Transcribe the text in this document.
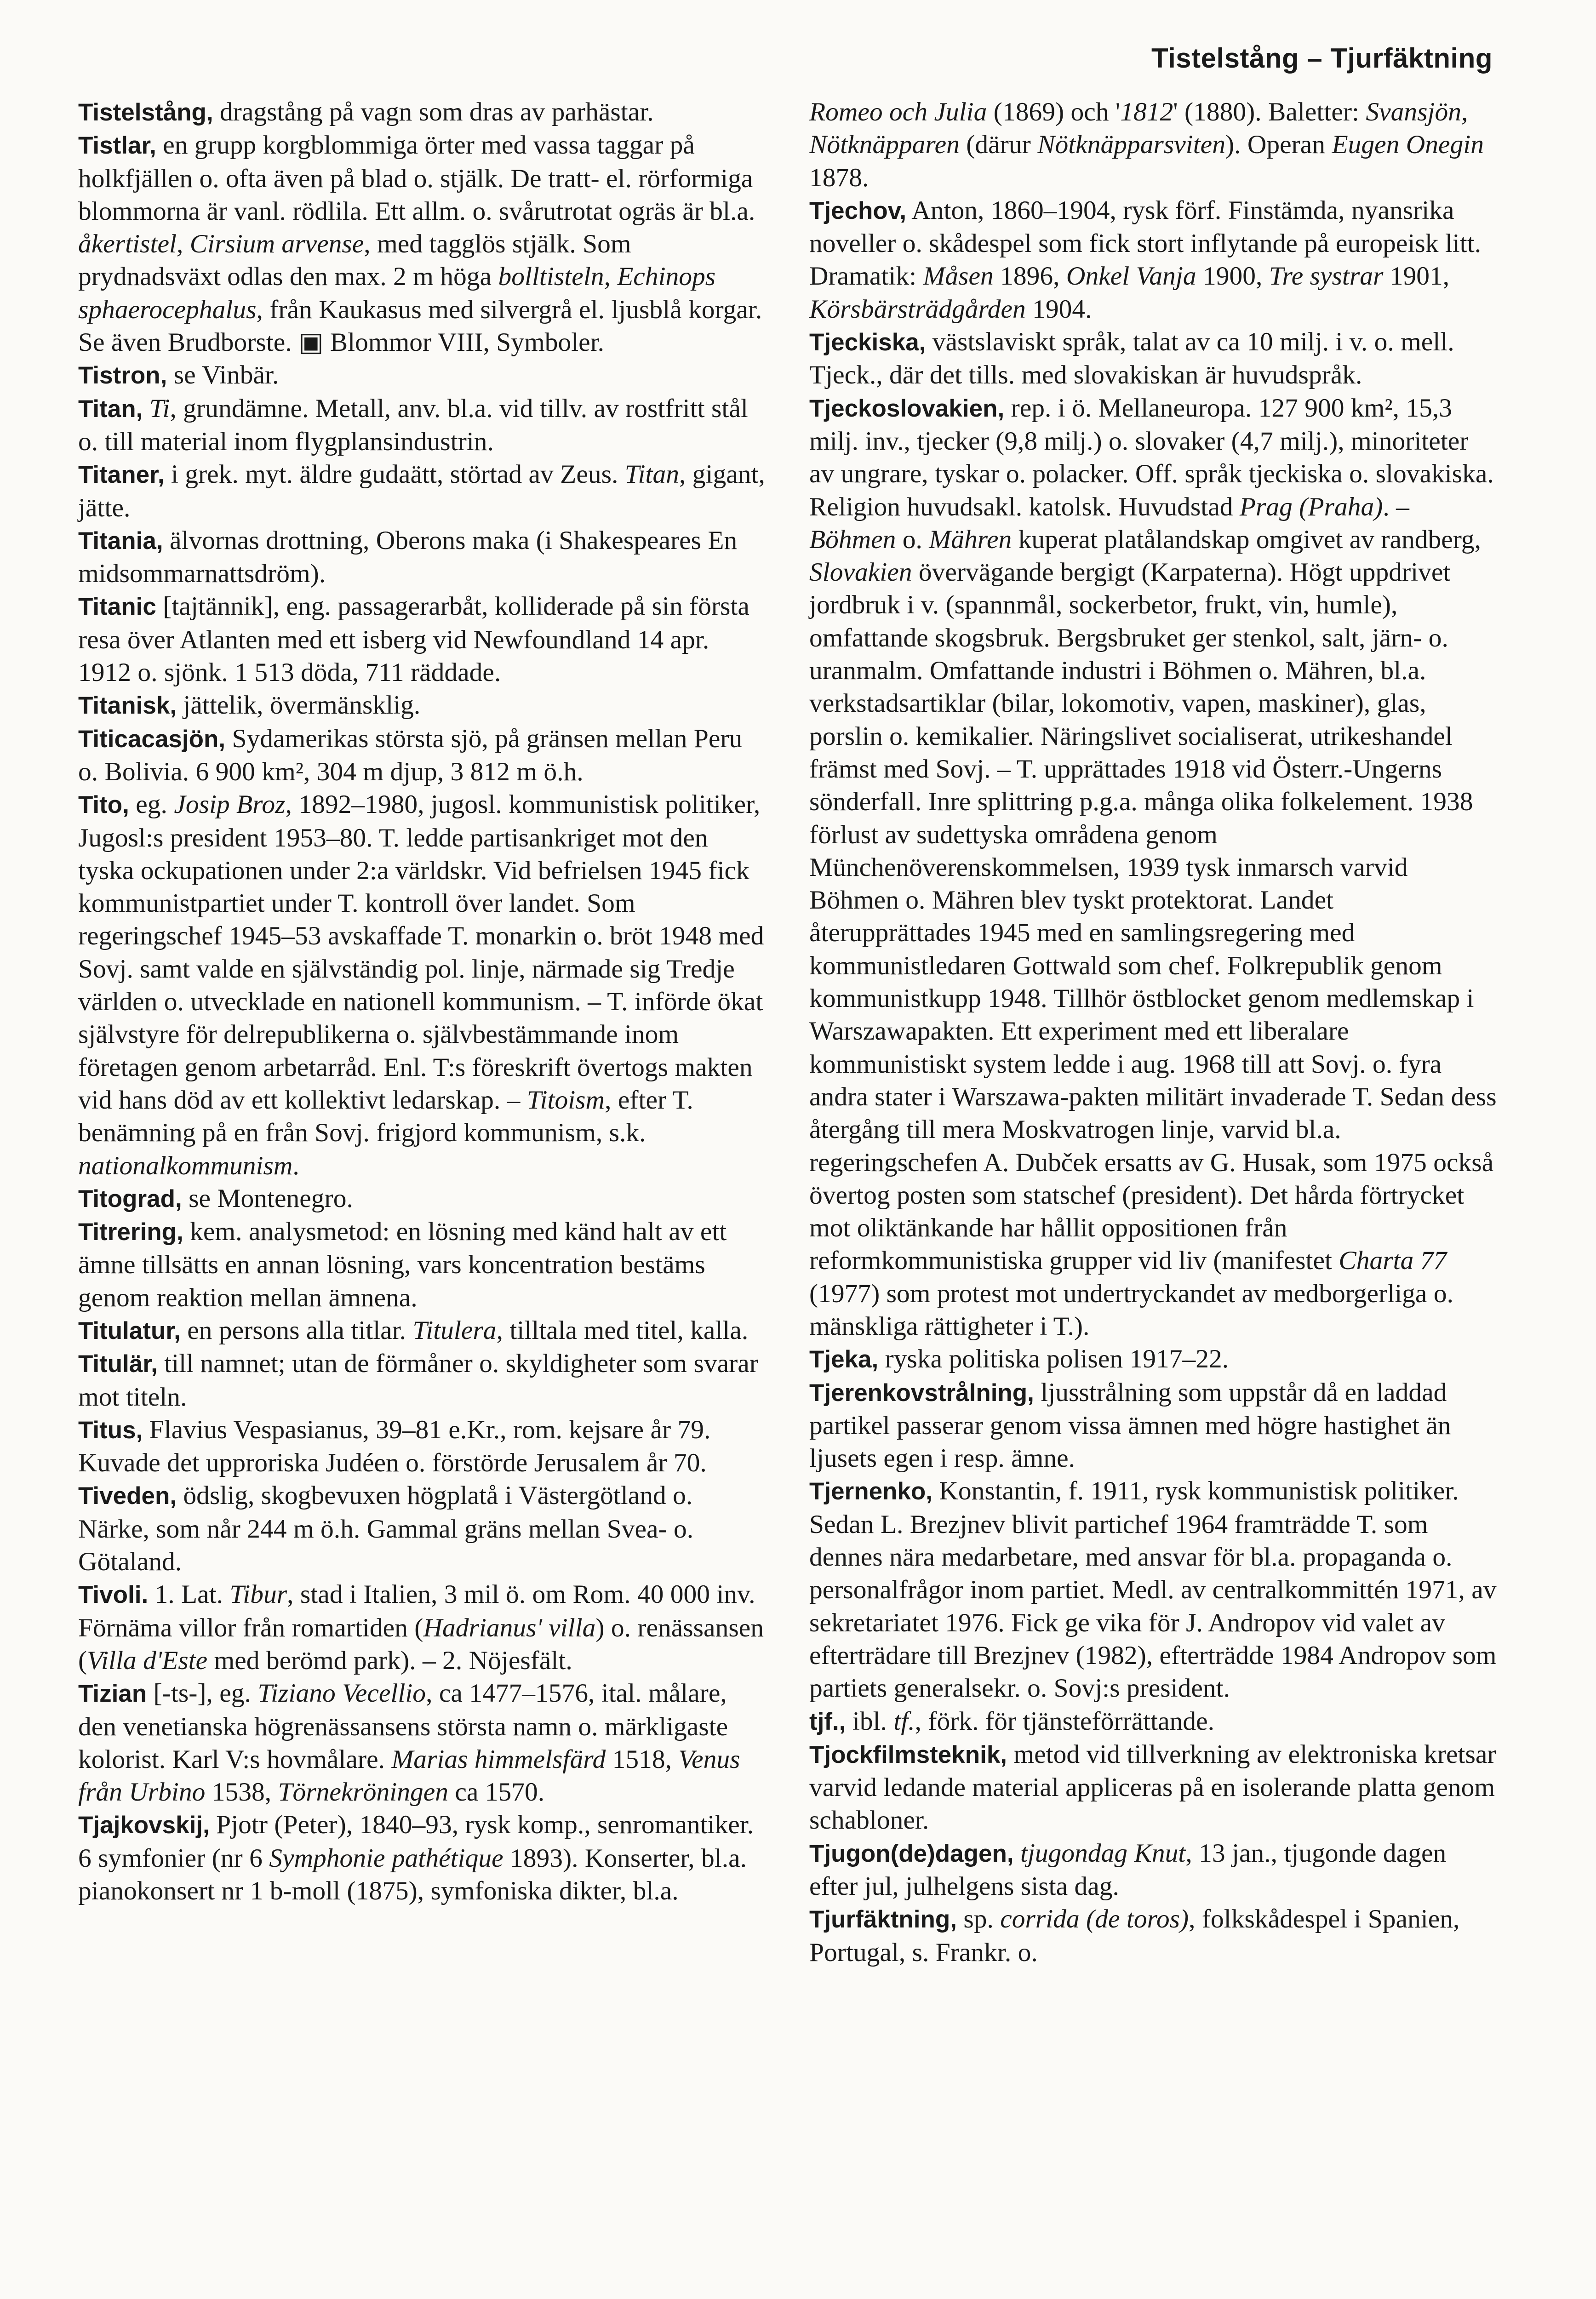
Tistelstång – Tjurfäktning

Tistelstång, dragstång på vagn som dras av parhästar.

Tistlar, en grupp korgblommiga örter med vassa taggar på holkfjällen o. ofta även på blad o. stjälk. De tratt- el. rörformiga blommorna är vanl. rödlila. Ett allm. o. svårutrotat ogräs är bl.a. åkertistel, Cirsium arvense, med tagglös stjälk. Som prydnadsväxt odlas den max. 2 m höga bolltisteln, Echinops sphaerocephalus, från Kaukasus med silvergrå el. ljusblå korgar. Se även Brudborste. ▣ Blommor VIII, Symboler.

Tistron, se Vinbär.

Titan, Ti, grundämne. Metall, anv. bl.a. vid tillv. av rostfritt stål o. till material inom flygplansindustrin.

Titaner, i grek. myt. äldre gudaätt, störtad av Zeus. Titan, gigant, jätte.

Titania, älvornas drottning, Oberons maka (i Shakespeares En midsommarnattsdröm).

Titanic [tajtännik], eng. passagerarbåt, kolliderade på sin första resa över Atlanten med ett isberg vid Newfoundland 14 apr. 1912 o. sjönk. 1 513 döda, 711 räddade.

Titanisk, jättelik, övermänsklig.

Titicacasjön, Sydamerikas största sjö, på gränsen mellan Peru o. Bolivia. 6 900 km², 304 m djup, 3 812 m ö.h.

Tito, eg. Josip Broz, 1892–1980, jugosl. kommunistisk politiker, Jugosl:s president 1953–80. T. ledde partisankriget mot den tyska ockupationen under 2:a världskr. Vid befrielsen 1945 fick kommunistpartiet under T. kontroll över landet. Som regeringschef 1945–53 avskaffade T. monarkin o. bröt 1948 med Sovj. samt valde en självständig pol. linje, närmade sig Tredje världen o. utvecklade en nationell kommunism. – T. införde ökat självstyre för delrepublikerna o. självbestämmande inom företagen genom arbetarråd. Enl. T:s föreskrift övertogs makten vid hans död av ett kollektivt ledarskap. – Titoism, efter T. benämning på en från Sovj. frigjord kommunism, s.k. nationalkommunism.

Titograd, se Montenegro.

Titrering, kem. analysmetod: en lösning med känd halt av ett ämne tillsätts en annan lösning, vars koncentration bestäms genom reaktion mellan ämnena.

Titulatur, en persons alla titlar. Titulera, tilltala med titel, kalla.

Titulär, till namnet; utan de förmåner o. skyldigheter som svarar mot titeln.

Titus, Flavius Vespasianus, 39–81 e.Kr., rom. kejsare år 79. Kuvade det upproriska Judéen o. förstörde Jerusalem år 70.

Tiveden, ödslig, skogbevuxen högplatå i Västergötland o. Närke, som når 244 m ö.h. Gammal gräns mellan Svea- o. Götaland.

Tivoli. 1. Lat. Tibur, stad i Italien, 3 mil ö. om Rom. 40 000 inv. Förnäma villor från romartiden (Hadrianus' villa) o. renässansen (Villa d'Este med berömd park). – 2. Nöjesfält.

Tizian [-ts-], eg. Tiziano Vecellio, ca 1477–1576, ital. målare, den venetianska högrenässansens största namn o. märkligaste kolorist. Karl V:s hovmålare. Marias himmelsfärd 1518, Venus från Urbino 1538, Törnekröningen ca 1570.

Tjajkovskij, Pjotr (Peter), 1840–93, rysk komp., senromantiker. 6 symfonier (nr 6 Symphonie pathétique 1893). Konserter, bl.a. pianokonsert nr 1 b-moll (1875), symfoniska dikter, bl.a.

Romeo och Julia (1869) och '1812' (1880). Baletter: Svansjön, Nötknäpparen (därur Nötknäpparsviten). Operan Eugen Onegin 1878.

Tjechov, Anton, 1860–1904, rysk förf. Finstämda, nyansrika noveller o. skådespel som fick stort inflytande på europeisk litt. Dramatik: Måsen 1896, Onkel Vanja 1900, Tre systrar 1901, Körsbärsträdgården 1904.

Tjeckiska, västslaviskt språk, talat av ca 10 milj. i v. o. mell. Tjeck., där det tills. med slovakiskan är huvudspråk.

Tjeckoslovakien, rep. i ö. Mellaneuropa. 127 900 km², 15,3 milj. inv., tjecker (9,8 milj.) o. slovaker (4,7 milj.), minoriteter av ungrare, tyskar o. polacker. Off. språk tjeckiska o. slovakiska. Religion huvudsakl. katolsk. Huvudstad Prag (Praha). – Böhmen o. Mähren kuperat platålandskap omgivet av randberg, Slovakien övervägande bergigt (Karpaterna). Högt uppdrivet jordbruk i v. (spannmål, sockerbetor, frukt, vin, humle), omfattande skogsbruk. Bergsbruket ger stenkol, salt, järn- o. uranmalm. Omfattande industri i Böhmen o. Mähren, bl.a. verkstadsartiklar (bilar, lokomotiv, vapen, maskiner), glas, porslin o. kemikalier. Näringslivet socialiserat, utrikeshandel främst med Sovj. – T. upprättades 1918 vid Österr.-Ungerns sönderfall. Inre splittring p.g.a. många olika folkelement. 1938 förlust av sudettyska områdena genom Münchenöverenskommelsen, 1939 tysk inmarsch varvid Böhmen o. Mähren blev tyskt protektorat. Landet återupprättades 1945 med en samlingsregering med kommunistledaren Gottwald som chef. Folkrepublik genom kommunistkupp 1948. Tillhör östblocket genom medlemskap i Warszawapakten. Ett experiment med ett liberalare kommunistiskt system ledde i aug. 1968 till att Sovj. o. fyra andra stater i Warszawa-pakten militärt invaderade T. Sedan dess återgång till mera Moskvatrogen linje, varvid bl.a. regeringschefen A. Dubček ersatts av G. Husak, som 1975 också övertog posten som statschef (president). Det hårda förtrycket mot oliktänkande har hållit oppositionen från reformkommunistiska grupper vid liv (manifestet Charta 77 (1977) som protest mot undertryckandet av medborgerliga o. mänskliga rättigheter i T.).

Tjeka, ryska politiska polisen 1917–22.

Tjerenkovstrålning, ljusstrålning som uppstår då en laddad partikel passerar genom vissa ämnen med högre hastighet än ljusets egen i resp. ämne.

Tjernenko, Konstantin, f. 1911, rysk kommunistisk politiker. Sedan L. Brezjnev blivit partichef 1964 framträdde T. som dennes nära medarbetare, med ansvar för bl.a. propaganda o. personalfrågor inom partiet. Medl. av centralkommittén 1971, av sekretariatet 1976. Fick ge vika för J. Andropov vid valet av efterträdare till Brezjnev (1982), efterträdde 1984 Andropov som partiets generalsekr. o. Sovj:s president.

tjf., ibl. tf., förk. för tjänsteförrättande.

Tjockfilmsteknik, metod vid tillverkning av elektroniska kretsar varvid ledande material appliceras på en isolerande platta genom schabloner.

Tjugon(de)dagen, tjugondag Knut, 13 jan., tjugonde dagen efter jul, julhelgens sista dag.

Tjurfäktning, sp. corrida (de toros), folkskådespel i Spanien, Portugal, s. Frankr. o.
